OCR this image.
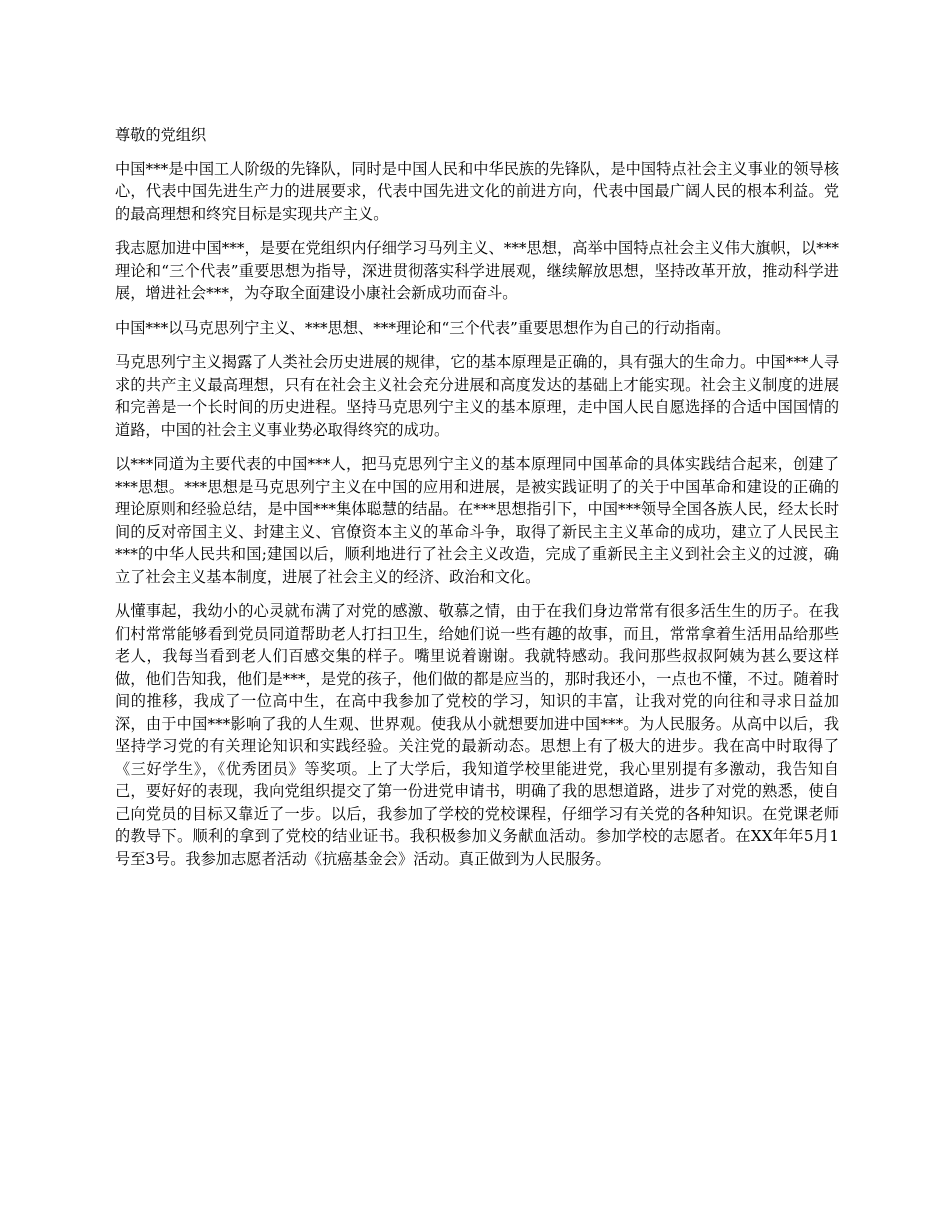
尊敬的党组织

中国***是中国工人阶级的先锋队，同时是中国人民和中华民族的先锋队，是中国特点社会主义事业的领导核心，代表中国先进生产力的进展要求，代表中国先进文化的前进方向，代表中国最广阔人民的根本利益。党的最高理想和终究目标是实现共产主义。

我志愿加进中国***，是要在党组织内仔细学习马列主义、***思想，高举中国特点社会主义伟大旗帜，以***理论和“三个代表”重要思想为指导，深进贯彻落实科学进展观，继续解放思想，坚持改革开放，推动科学进展，增进社会***，为夺取全面建设小康社会新成功而奋斗。

中国***以马克思列宁主义、***思想、***理论和“三个代表”重要思想作为自己的行动指南。

马克思列宁主义揭露了人类社会历史进展的规律，它的基本原理是正确的，具有强大的生命力。中国***人寻求的共产主义最高理想，只有在社会主义社会充分进展和高度发达的基础上才能实现。社会主义制度的进展和完善是一个长时间的历史进程。坚持马克思列宁主义的基本原理，走中国人民自愿选择的合适中国国情的道路，中国的社会主义事业势必取得终究的成功。

以***同道为主要代表的中国***人，把马克思列宁主义的基本原理同中国革命的具体实践结合起来，创建了***思想。***思想是马克思列宁主义在中国的应用和进展，是被实践证明了的关于中国革命和建设的正确的理论原则和经验总结，是中国***集体聪慧的结晶。在***思想指引下，中国***领导全国各族人民，经太长时间的反对帝国主义、封建主义、官僚资本主义的革命斗争，取得了新民主主义革命的成功，建立了人民民主***的中华人民共和国;建国以后，顺利地进行了社会主义改造，完成了重新民主主义到社会主义的过渡，确立了社会主义基本制度，进展了社会主义的经济、政治和文化。

从懂事起，我幼小的心灵就布满了对党的感激、敬慕之情，由于在我们身边常常有很多活生生的历子。在我们村常常能够看到党员同道帮助老人打扫卫生，给她们说一些有趣的故事，而且，常常拿着生活用品给那些老人，我每当看到老人们百感交集的样子。嘴里说着谢谢。我就特感动。我问那些叔叔阿姨为甚么要这样做，他们告知我，他们是***，是党的孩子，他们做的都是应当的，那时我还小，一点也不懂，不过。随着时间的推移，我成了一位高中生，在高中我参加了党校的学习，知识的丰富，让我对党的向往和寻求日益加深，由于中国***影响了我的人生观、世界观。使我从小就想要加进中国***。为人民服务。从高中以后，我坚持学习党的有关理论知识和实践经验。关注党的最新动态。思想上有了极大的进步。我在高中时取得了《三好学生》，《优秀团员》等奖项。上了大学后，我知道学校里能进党，我心里别提有多激动，我告知自己，要好好的表现，我向党组织提交了第一份进党申请书，明确了我的思想道路，进步了对党的熟悉，使自己向党员的目标又靠近了一步。以后，我参加了学校的党校课程，仔细学习有关党的各种知识。在党课老师的教导下。顺利的拿到了党校的结业证书。我积极参加义务献血活动。参加学校的志愿者。在XX年年5月1号至3号。我参加志愿者活动《抗癌基金会》活动。真正做到为人民服务。
